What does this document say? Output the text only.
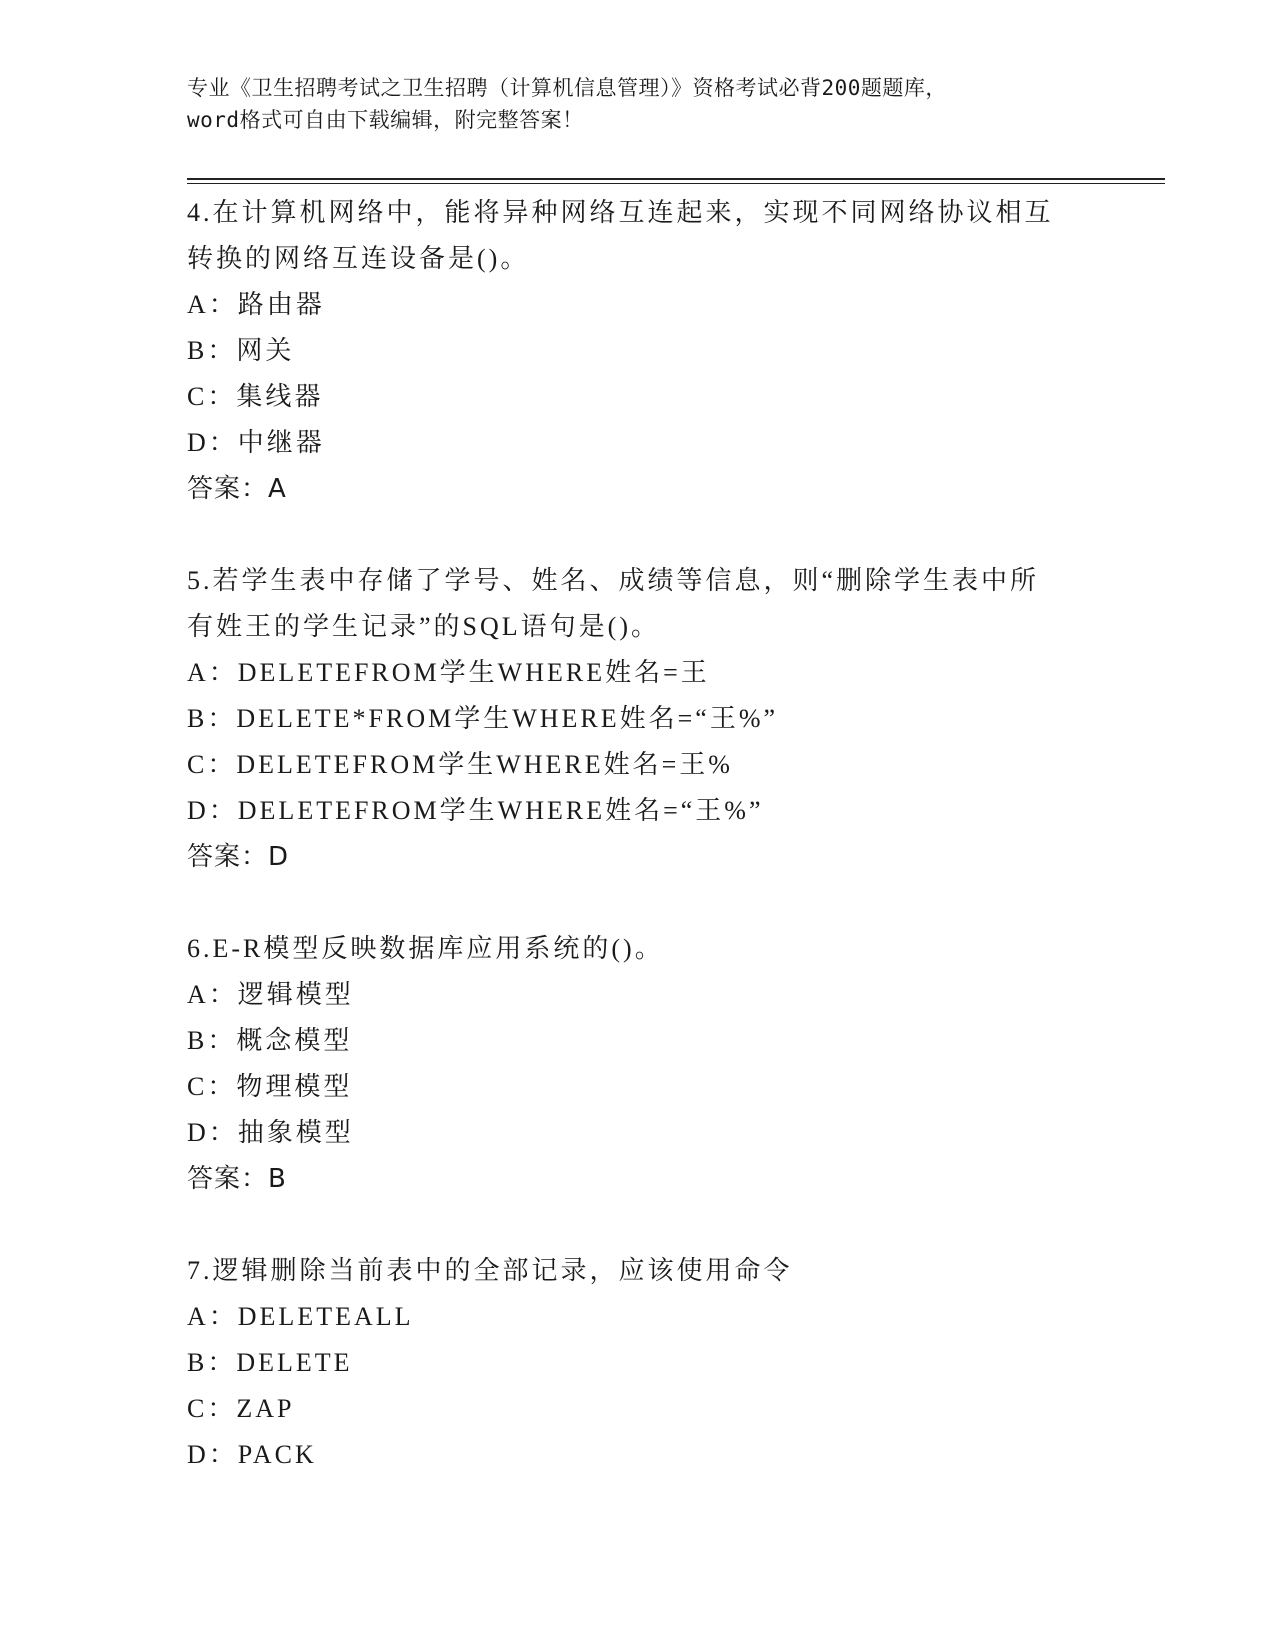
专业《卫生招聘考试之卫生招聘（计算机信息管理）》资格考试必背200题题库，
word格式可自由下载编辑，附完整答案！
4.在计算机网络中，能将异种网络互连起来，实现不同网络协议相互
转换的网络互连设备是()。
A：路由器
B：网关
C：集线器
D：中继器
答案：A
5.若学生表中存储了学号、姓名、成绩等信息，则“删除学生表中所
有姓王的学生记录”的SQL语句是()。
A：DELETEFROM学生WHERE姓名=王
B：DELETE*FROM学生WHERE姓名=“王%”
C：DELETEFROM学生WHERE姓名=王%
D：DELETEFROM学生WHERE姓名=“王%”
答案：D
6.E-R模型反映数据库应用系统的()。
A：逻辑模型
B：概念模型
C：物理模型
D：抽象模型
答案：B
7.逻辑删除当前表中的全部记录，应该使用命令
A：DELETEALL
B：DELETE
C：ZAP
D：PACK
